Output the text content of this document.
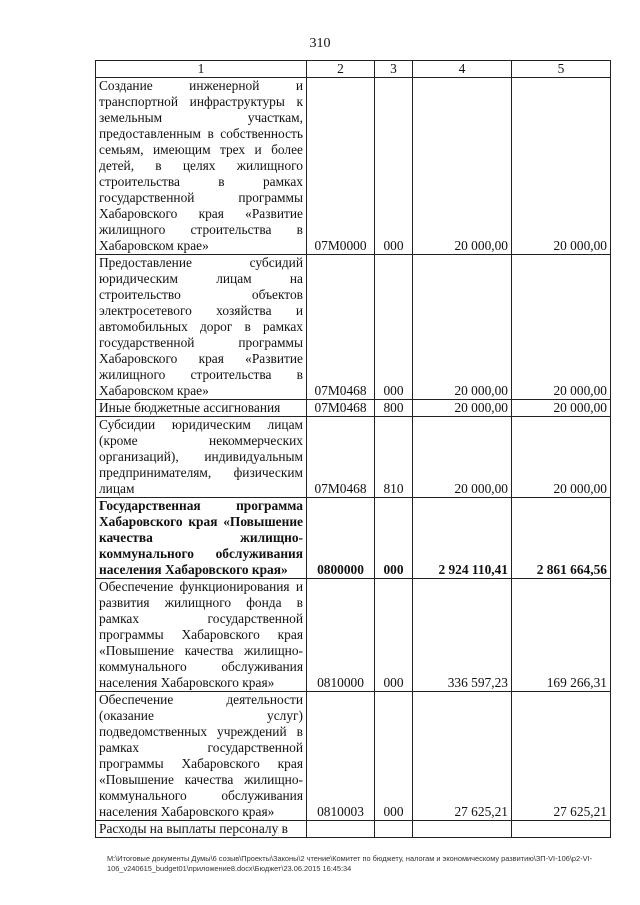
310
1	2	3	4	5
Создание инженерной и транспортной инфраструктуры к земельным участкам, предоставленным в собственность семьям, имеющим трех и более детей, в целях жилищного строительства в рамках государственной программы Хабаровского края «Развитие жилищного строительства в Хабаровском крае»	07М0000	000	20 000,00	20 000,00
Предоставление субсидий юридическим лицам на строительство объектов электросетевого хозяйства и автомобильных дорог в рамках государственной программы Хабаровского края «Развитие жилищного строительства в Хабаровском крае»	07М0468	000	20 000,00	20 000,00
Иные бюджетные ассигнования	07М0468	800	20 000,00	20 000,00
Субсидии юридическим лицам (кроме некоммерческих организаций), индивидуальным предпринимателям, физическим лицам	07М0468	810	20 000,00	20 000,00
Государственная программа Хабаровского края «Повышение качества жилищно-коммунального обслуживания населения Хабаровского края»	0800000	000	2 924 110,41	2 861 664,56
Обеспечение функционирования и развития жилищного фонда в рамках государственной программы Хабаровского края «Повышение качества жилищно-коммунального обслуживания населения Хабаровского края»	0810000	000	336 597,23	169 266,31
Обеспечение деятельности (оказание услуг) подведомственных учреждений в рамках государственной программы Хабаровского края «Повышение качества жилищно-коммунального обслуживания населения Хабаровского края»	0810003	000	27 625,21	27 625,21
Расходы на выплаты персоналу в				
M:\Итоговые документы Думы\6 созыв\Проекты\Законы\2 чтение\Комитет по бюджету, налогам и экономическому развитию\ЗП-VI-106\р2-VI-106_v240615_budget01\приложение8.docx\Бюджет\23.06.2015 16:45:34
